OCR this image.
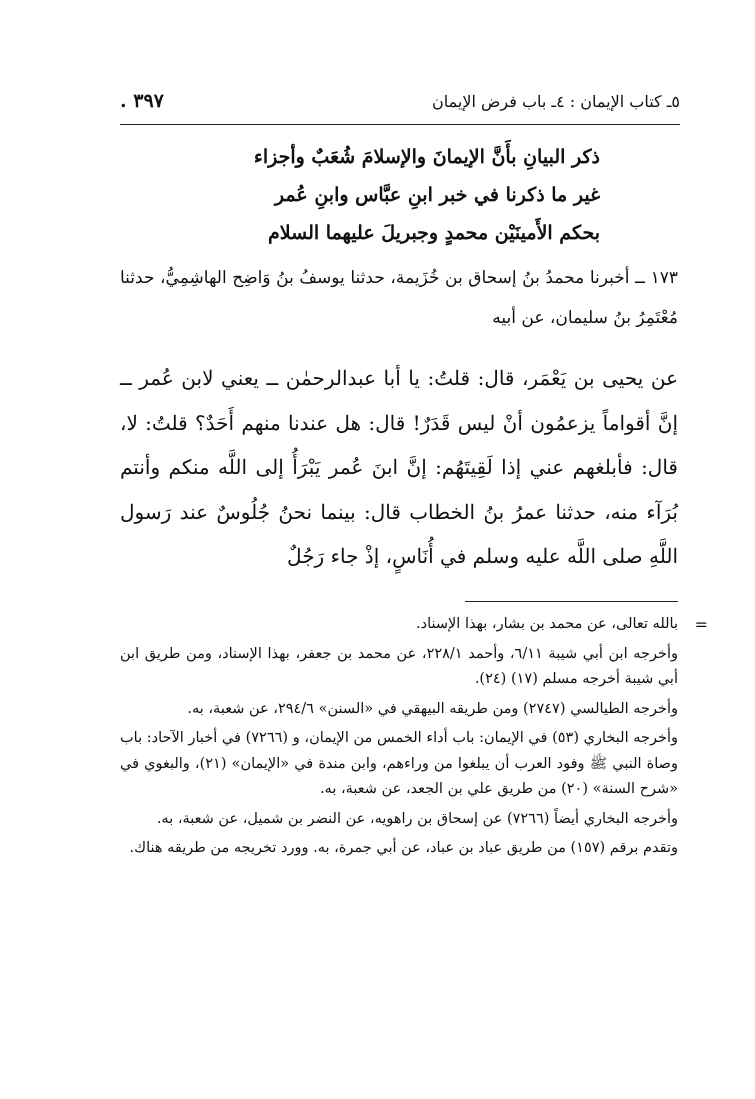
٥ـ كتاب الإيمان : ٤ـ باب فرض الإيمان
٣٩٧ .
ذكر البيانِ بأَنَّ الإيمانَ والإسلامَ شُعَبٌ وأجزاء
غير ما ذكرنا في خبر ابنِ عبَّاس وابنِ عُمر
بحكم الأَمينَيْن محمدٍ وجبريلَ عليهما السلام
١٧٣ ــ أخبرنا محمدُ بنُ إسحاق بن خُزَيمة، حدثنا يوسفُ بنُ وَاضِح الهاشِمِيُّ، حدثنا مُعْتَمِرُ بنُ سليمان، عن أبيه
عن يحيى بن يَعْمَر، قال: قلتُ: يا أبا عبدالرحمٰن ــ يعني لابن عُمر ــ إنَّ أقواماً يزعمُون أنْ ليس قَدَرٌ! قال: هل عندنا منهم أَحَدٌ؟ قلتُ: لا، قال: فأبلغهم عني إذا لَقِيتَهُم: إنَّ ابنَ عُمر يَبْرَأُ إلى اللَّه منكم وأنتم بُرَآء منه، حدثنا عمرُ بنُ الخطاب قال: بينما نحنُ جُلُوسٌ عند رَسول اللَّهِ صلى اللَّه عليه وسلم في أُنَاسٍ، إذْ جاء رَجُلٌ
=
بالله تعالى، عن محمد بن بشار، بهذا الإسناد.
وأخرجه ابن أبي شيبة ٦/١١، وأحمد ٢٢٨/١، عن محمد بن جعفر، بهذا الإسناد، ومن طريق ابن أبي شيبة أخرجه مسلم (١٧) (٢٤).
وأخرجه الطيالسي (٢٧٤٧) ومن طريقه البيهقي في «السنن» ٢٩٤/٦، عن شعبة، به.
وأخرجه البخاري (٥٣) في الإيمان: باب أداء الخمس من الإيمان، و (٧٢٦٦) في أخبار الآحاد: باب وصاة النبي ﷺ وفود العرب أن يبلغوا من وراءهم، وابن مندة في «الإيمان» (٢١)، والبغوي في «شرح السنة» (٢٠) من طريق علي بن الجعد، عن شعبة، به.
وأخرجه البخاري أيضاً (٧٢٦٦) عن إسحاق بن راهويه، عن النضر بن شميل، عن شعبة، به.
وتقدم برقم (١٥٧) من طريق عباد بن عباد، عن أبي جمرة، به. وورد تخريجه من طريقه هناك.
